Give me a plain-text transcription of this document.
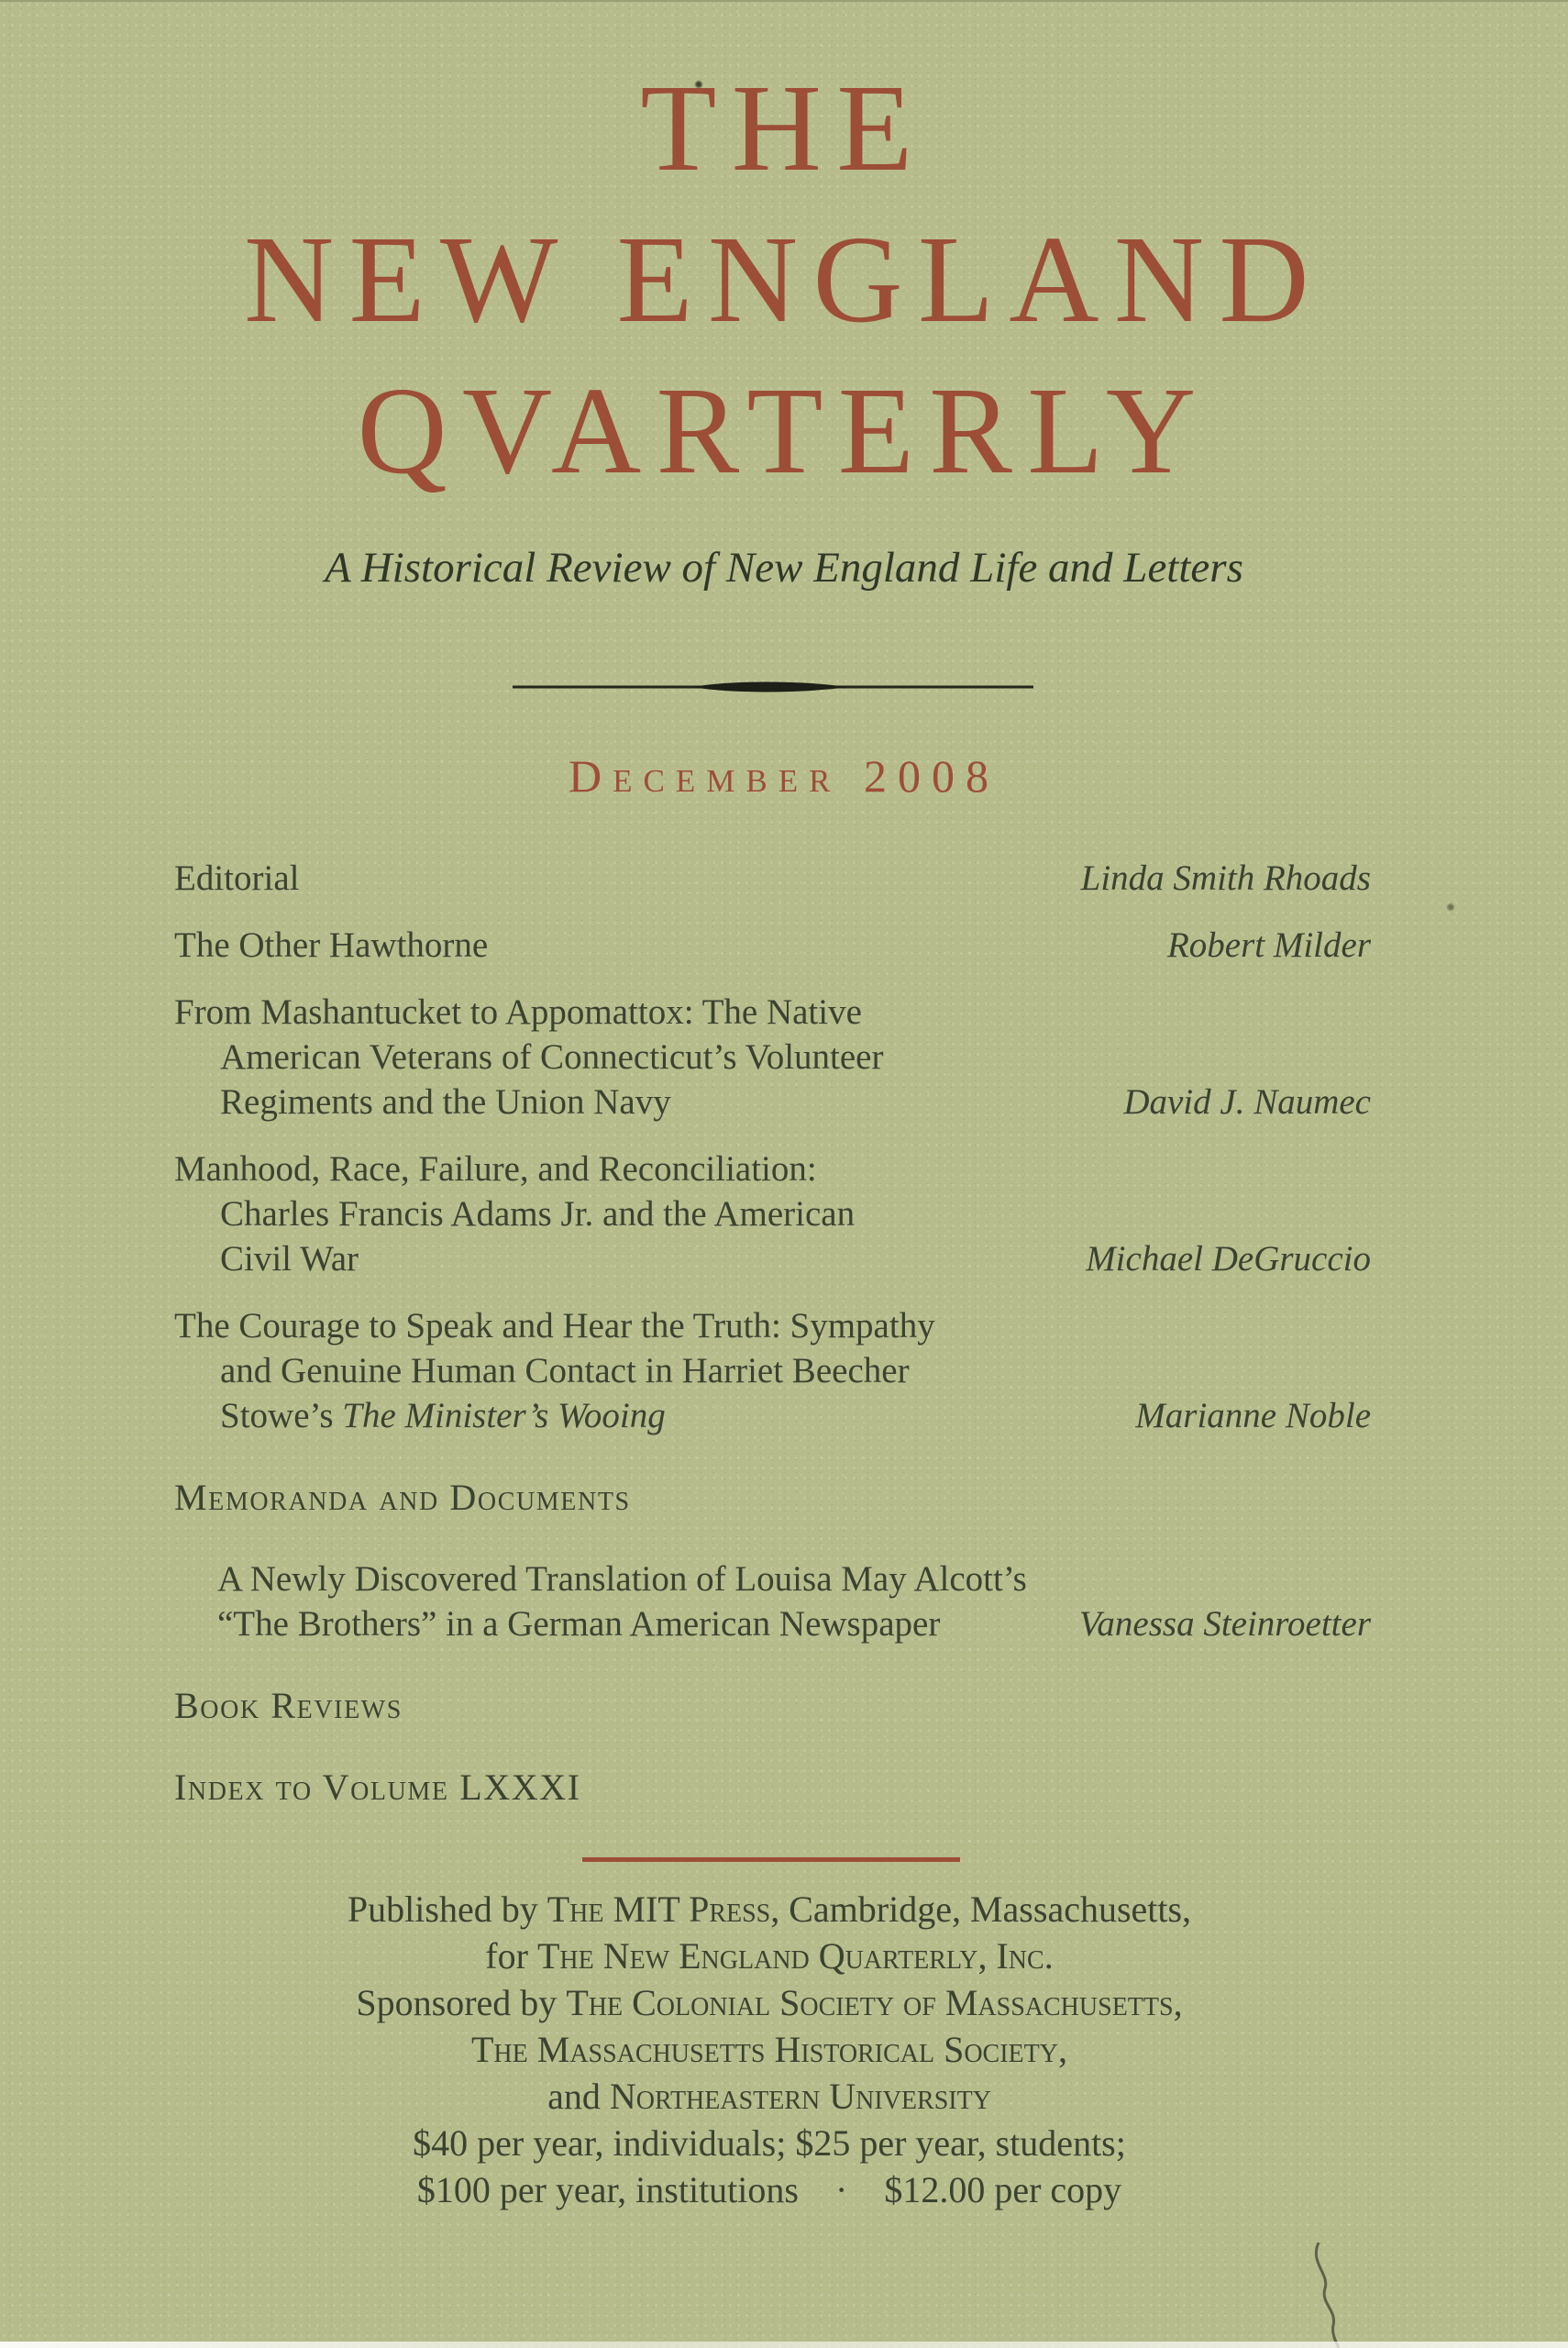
THE
NEW ENGLAND
QVARTERLY
A Historical Review of New England Life and Letters
December 2008
Editorial	Linda Smith Rhoads
The Other Hawthorne	Robert Milder
From Mashantucket to Appomattox: The Native
American Veterans of Connecticut’s Volunteer
Regiments and the Union Navy	David J. Naumec
Manhood, Race, Failure, and Reconciliation:
Charles Francis Adams Jr. and the American
Civil War	Michael DeGruccio
The Courage to Speak and Hear the Truth: Sympathy
and Genuine Human Contact in Harriet Beecher
Stowe’s The Minister’s Wooing	Marianne Noble
Memoranda and Documents
A Newly Discovered Translation of Louisa May Alcott’s
“The Brothers” in a German American Newspaper	Vanessa Steinroetter
Book Reviews
Index to Volume LXXXI
Published by The MIT Press, Cambridge, Massachusetts,
for The New England Quarterly, Inc.
Sponsored by The Colonial Society of Massachusetts,
The Massachusetts Historical Society,
and Northeastern University
$40 per year, individuals; $25 per year, students;
$100 per year, institutions  ·  $12.00 per copy
